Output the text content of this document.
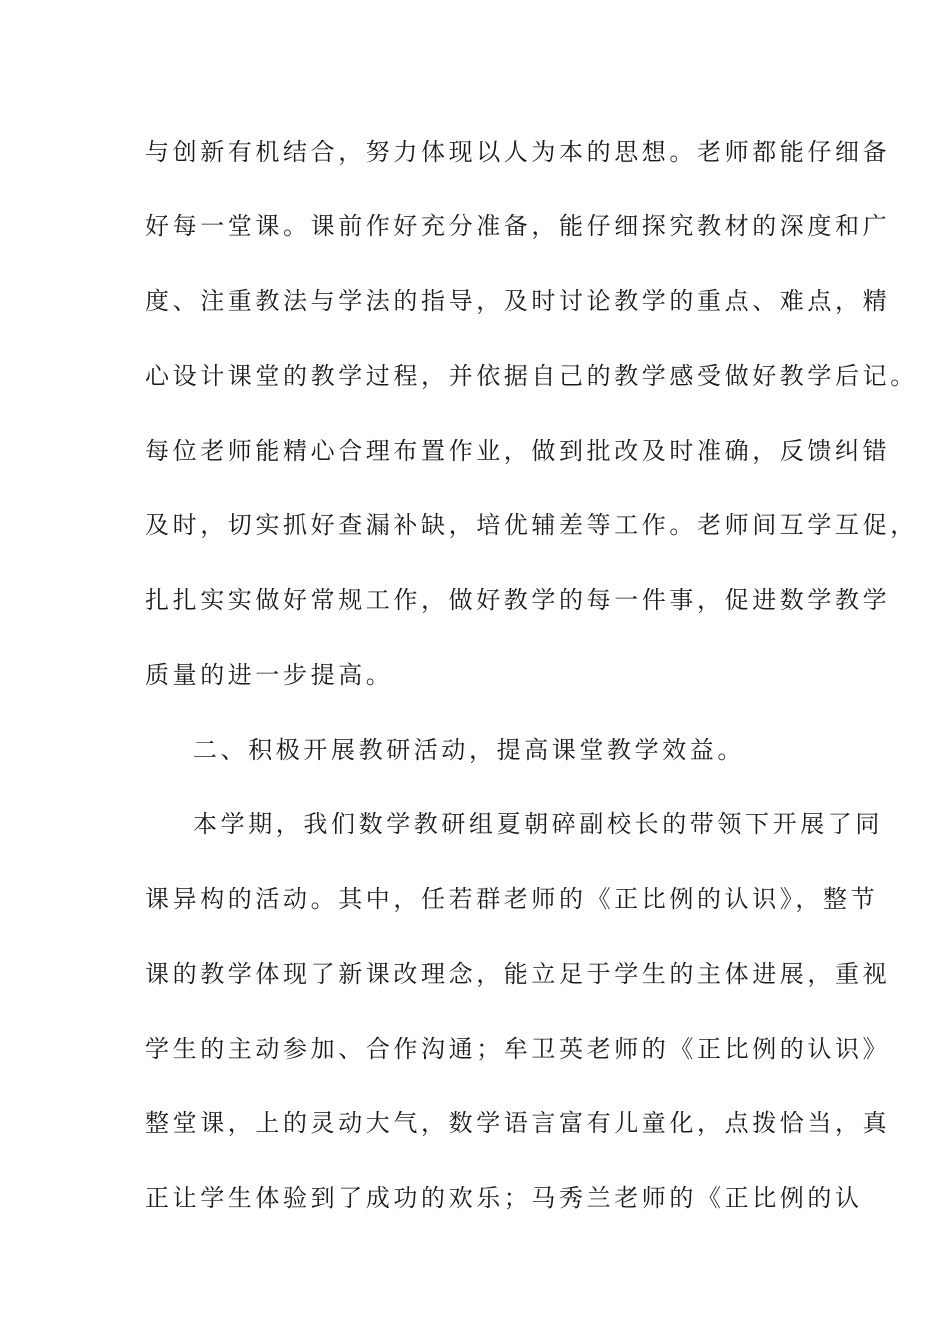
与创新有机结合，努力体现以人为本的思想。老师都能仔细备
好每一堂课。课前作好充分准备，能仔细探究教材的深度和广
度、注重教法与学法的指导，及时讨论教学的重点、难点，精
心设计课堂的教学过程，并依据自己的教学感受做好教学后记。
每位老师能精心合理布置作业，做到批改及时准确，反馈纠错
及时，切实抓好查漏补缺，培优辅差等工作。老师间互学互促，
扎扎实实做好常规工作，做好教学的每一件事，促进数学教学
质量的进一步提高。
二、积极开展教研活动，提高课堂教学效益。
本学期，我们数学教研组夏朝碎副校长的带领下开展了同
课异构的活动。其中，任若群老师的《正比例的认识》，整节
课的教学体现了新课改理念，能立足于学生的主体进展，重视
学生的主动参加、合作沟通；牟卫英老师的《正比例的认识》
整堂课，上的灵动大气，数学语言富有儿童化，点拨恰当，真
正让学生体验到了成功的欢乐；马秀兰老师的《正比例的认
